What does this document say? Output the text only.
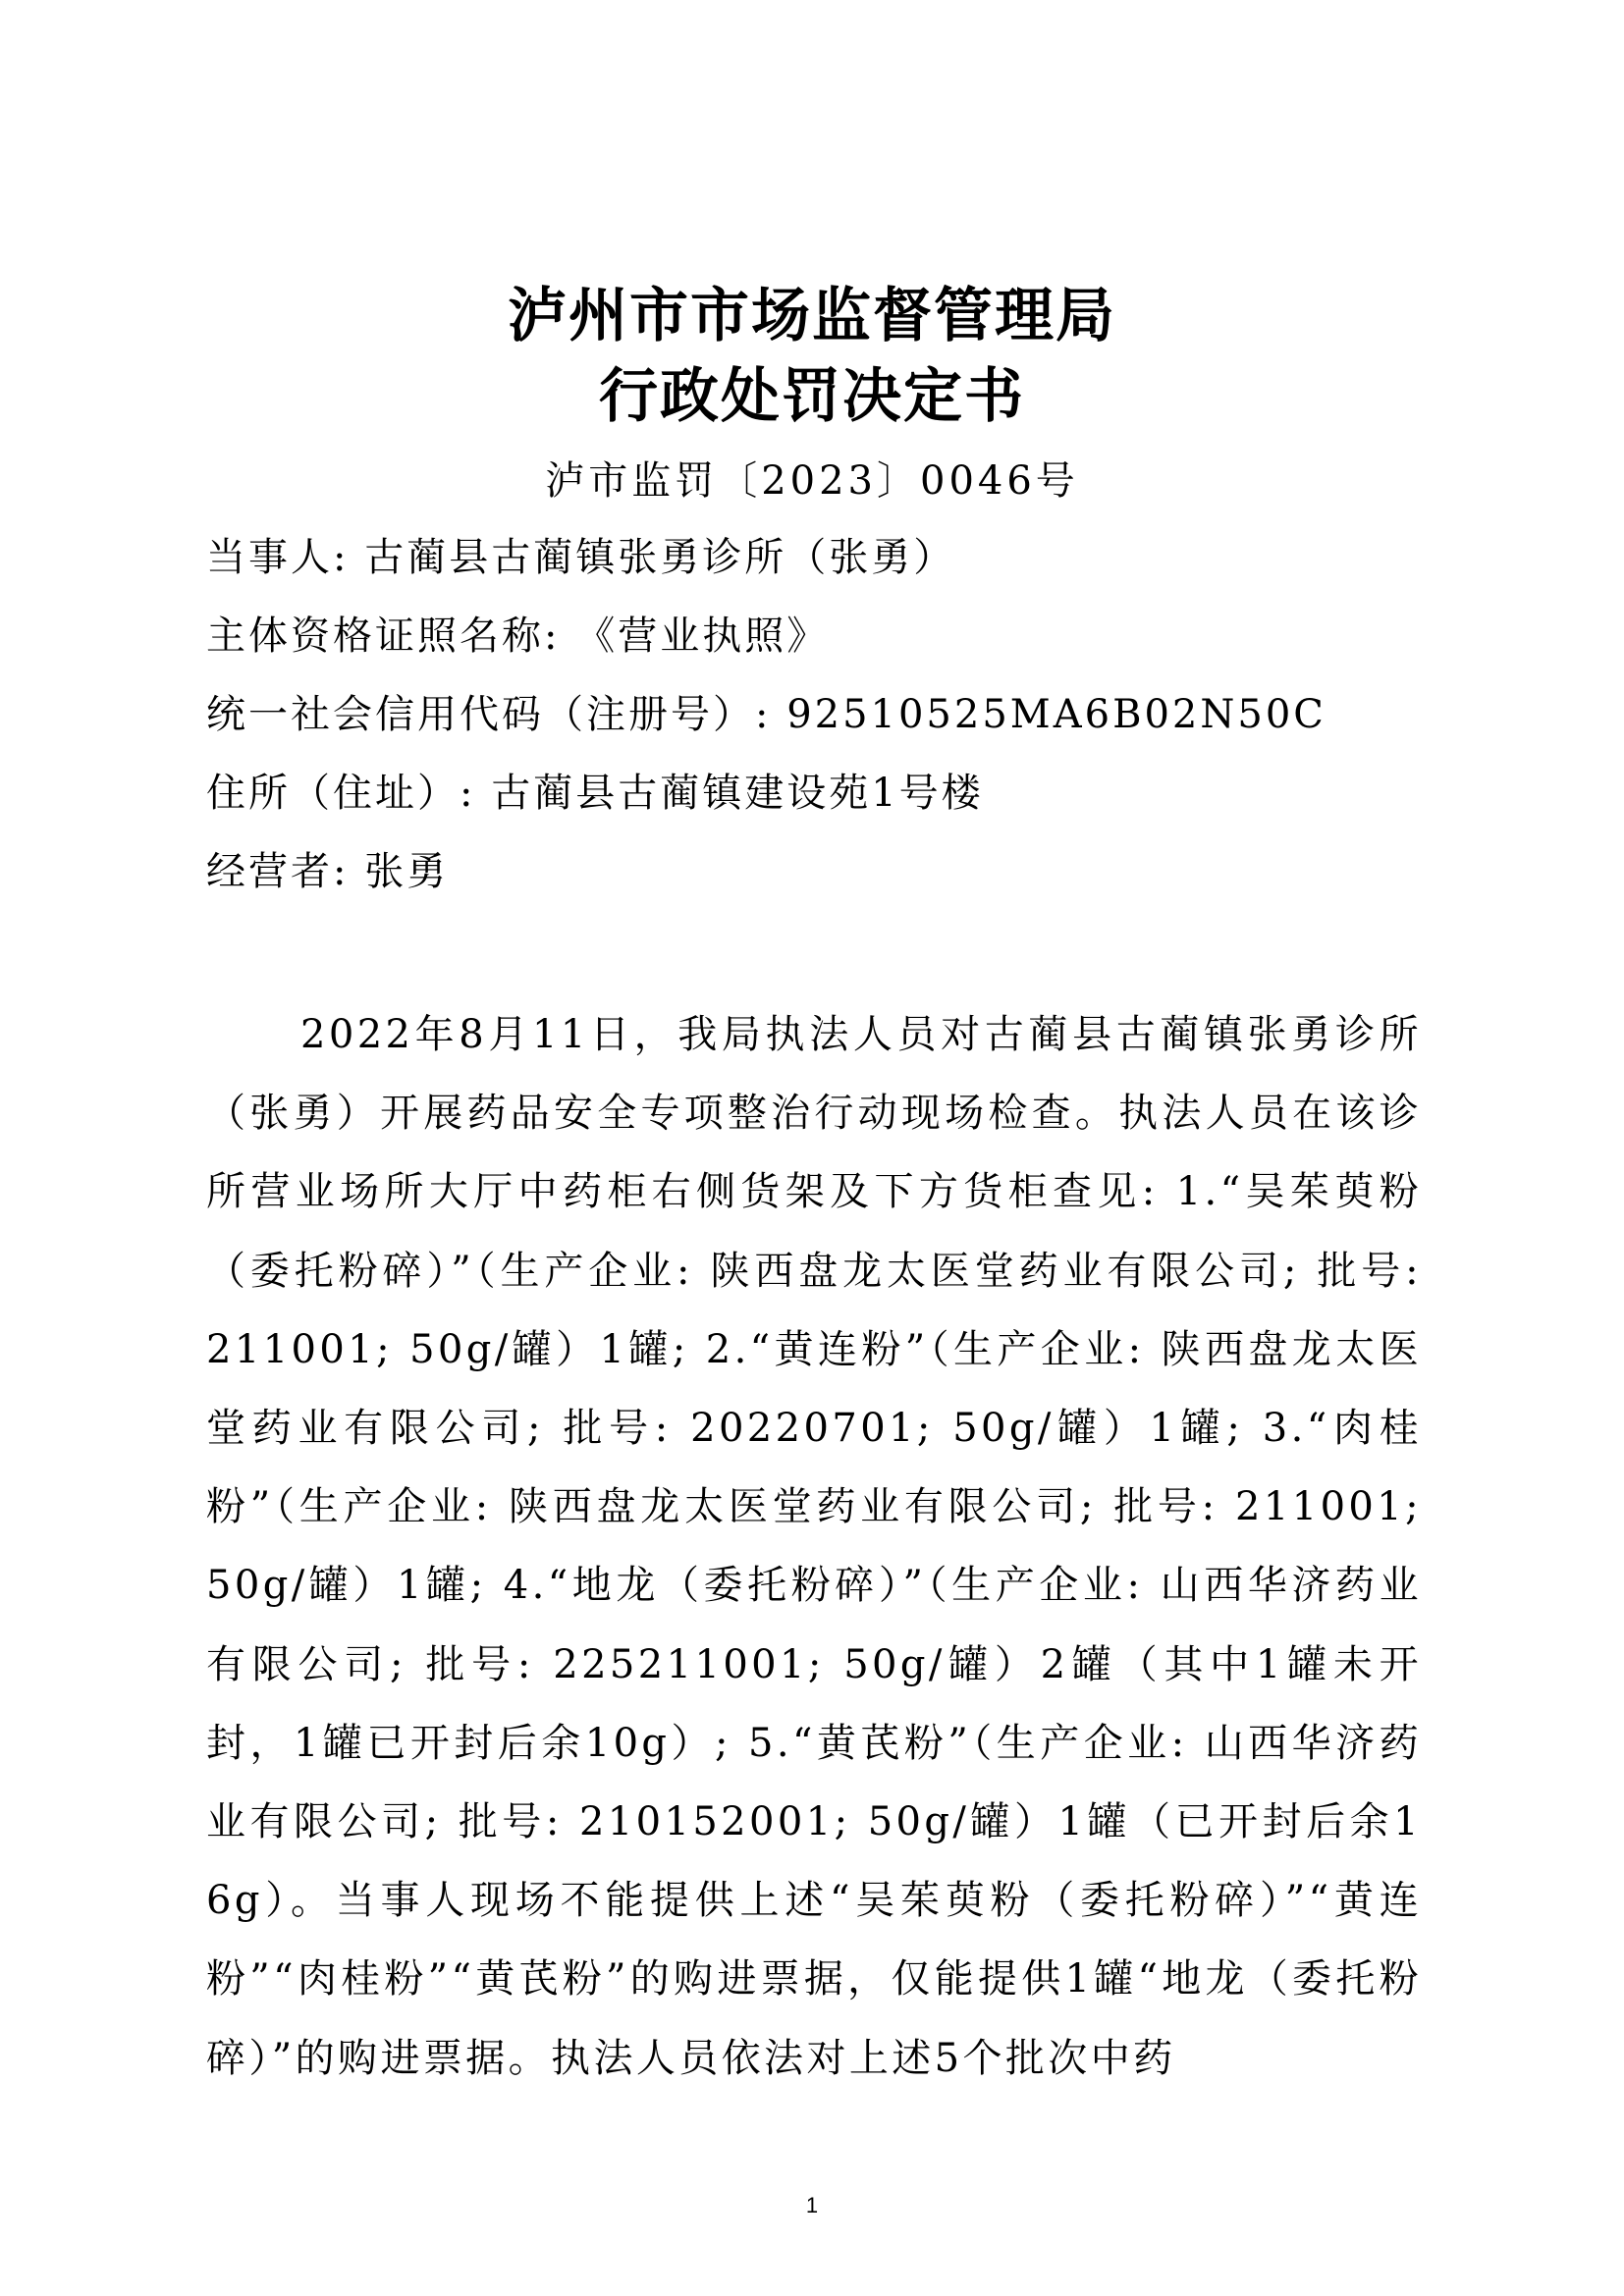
泸州市市场监督管理局
行政处罚决定书

泸市监罚〔2023〕0046号

当事人: 古蔺县古蔺镇张勇诊所（张勇）
主体资格证照名称: 《营业执照》
统一社会信用代码（注册号）: 92510525MA6B02N50C
住所（住址）: 古蔺县古蔺镇建设苑1号楼
经营者: 张勇

2022年8月11日，我局执法人员对古蔺县古蔺镇张勇诊所（张勇）开展药品安全专项整治行动现场检查。执法人员在该诊所营业场所大厅中药柜右侧货架及下方货柜查见: 1.“吴茱萸粉（委托粉碎）”（生产企业: 陕西盘龙太医堂药业有限公司; 批号: 211001; 50g/罐）1罐; 2.“黄连粉”（生产企业: 陕西盘龙太医堂药业有限公司; 批号: 20220701; 50g/罐）1罐; 3.“肉桂粉”（生产企业: 陕西盘龙太医堂药业有限公司; 批号: 211001; 50g/罐）1罐; 4.“地龙（委托粉碎）”（生产企业: 山西华济药业有限公司; 批号: 225211001; 50g/罐）2罐（其中1罐未开封，1罐已开封后余10g）; 5.“黄芪粉”（生产企业: 山西华济药业有限公司; 批号: 210152001; 50g/罐）1罐（已开封后余16g）。当事人现场不能提供上述“吴茱萸粉（委托粉碎）”“黄连粉”“肉桂粉”“黄芪粉”的购进票据，仅能提供1罐“地龙（委托粉碎）”的购进票据。执法人员依法对上述5个批次中药

1
